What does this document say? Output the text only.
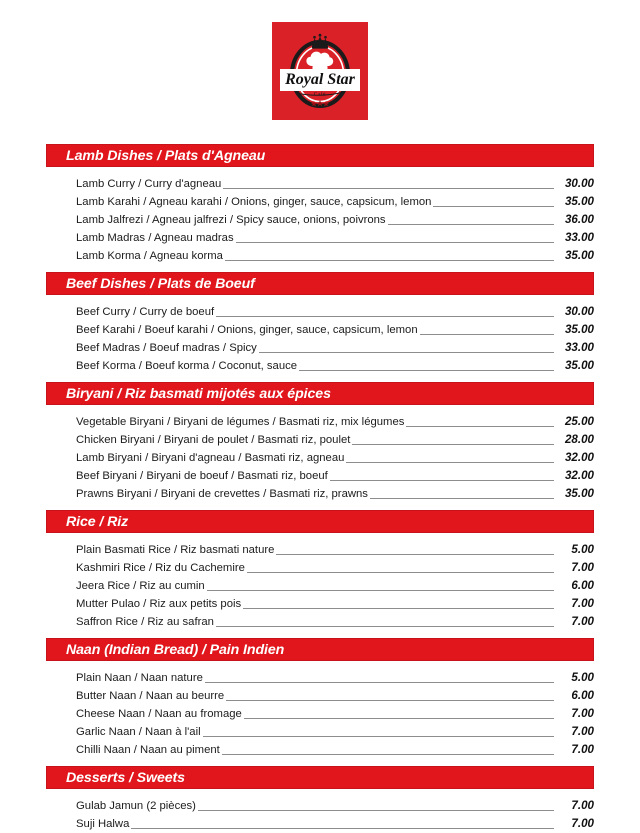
Royal Star
Café
Lamb Dishes / Plats d'Agneau
Lamb Curry / Curry d'agneau	30.00
Lamb Karahi / Agneau karahi / Onions, ginger, sauce, capsicum, lemon	35.00
Lamb Jalfrezi / Agneau jalfrezi / Spicy sauce, onions, poivrons	36.00
Lamb Madras / Agneau madras	33.00
Lamb Korma / Agneau korma	35.00
Beef Dishes / Plats de Boeuf
Beef Curry / Curry de boeuf	30.00
Beef Karahi / Boeuf karahi / Onions, ginger, sauce, capsicum, lemon	35.00
Beef Madras / Boeuf madras / Spicy	33.00
Beef Korma / Boeuf korma / Coconut, sauce	35.00
Biryani / Riz basmati mijotés aux épices
Vegetable Biryani / Biryani de légumes / Basmati riz, mix légumes	25.00
Chicken Biryani / Biryani de poulet / Basmati riz, poulet	28.00
Lamb Biryani / Biryani d'agneau / Basmati riz, agneau	32.00
Beef Biryani / Biryani de boeuf / Basmati riz, boeuf	32.00
Prawns Biryani / Biryani de crevettes / Basmati riz, prawns	35.00
Rice / Riz
Plain Basmati Rice / Riz basmati nature	5.00
Kashmiri Rice / Riz du Cachemire	7.00
Jeera Rice / Riz au cumin	6.00
Mutter Pulao / Riz aux petits pois	7.00
Saffron Rice / Riz au safran	7.00
Naan (Indian Bread) / Pain Indien
Plain Naan / Naan nature	5.00
Butter Naan / Naan au beurre	6.00
Cheese Naan / Naan au fromage	7.00
Garlic Naan / Naan à l'ail	7.00
Chilli Naan / Naan au piment	7.00
Desserts / Sweets
Gulab Jamun (2 pièces)	7.00
Suji Halwa	7.00
